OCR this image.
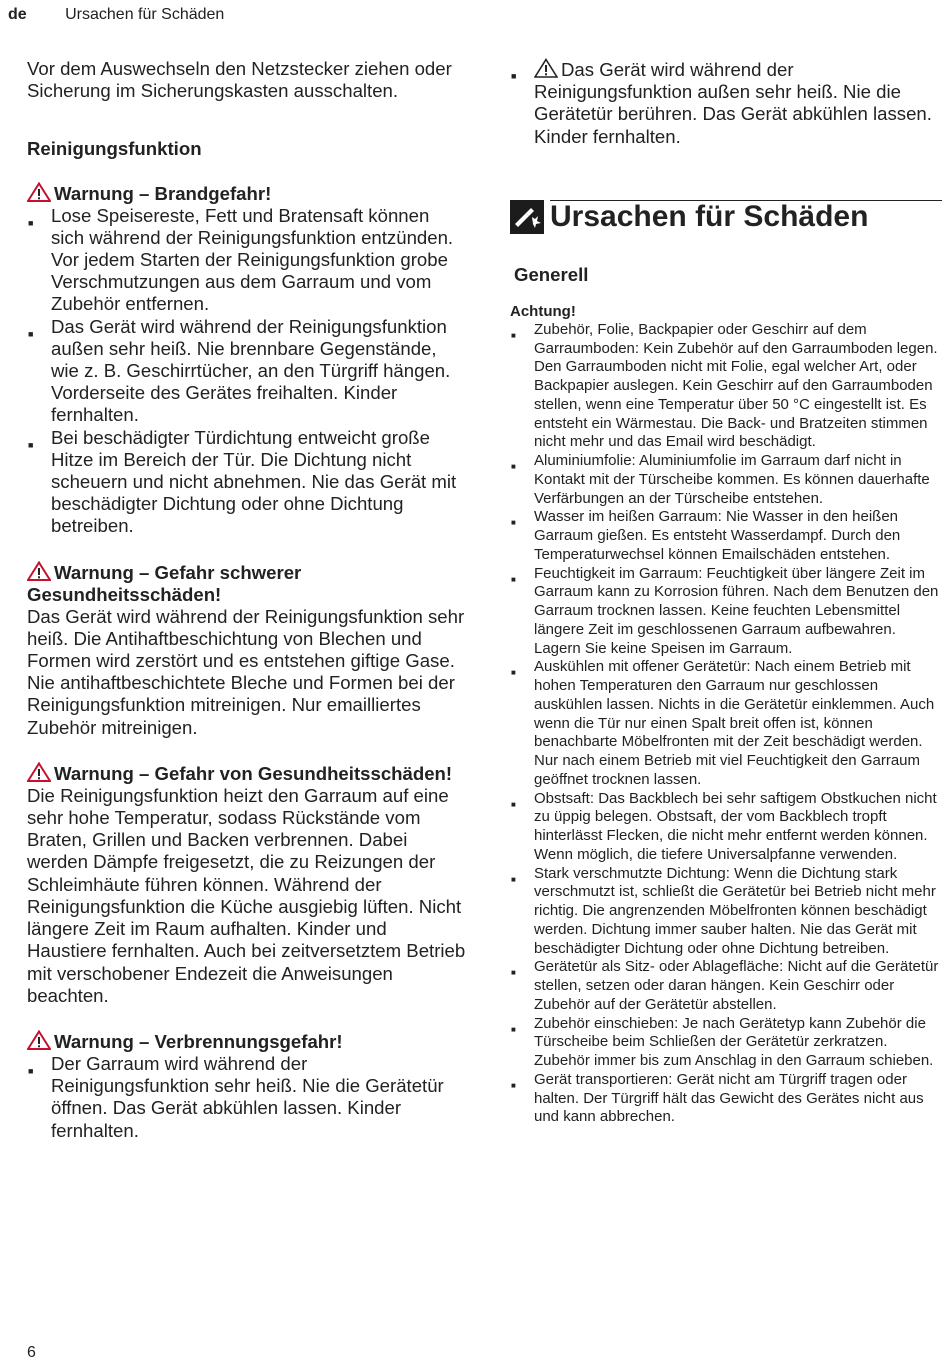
de Ursachen für Schäden

Vor dem Auswechseln den Netzstecker ziehen oder Sicherung im Sicherungskasten ausschalten.

Reinigungsfunktion
Warnung – Brandgefahr!
■ Lose Speisereste, Fett und Bratensaft können sich während der Reinigungsfunktion entzünden. Vor jedem Starten der Reinigungsfunktion grobe Verschmutzungen aus dem Garraum und vom Zubehör entfernen.
■ Das Gerät wird während der Reinigungsfunktion außen sehr heiß. Nie brennbare Gegenstände, wie z. B. Geschirrtücher, an den Türgriff hängen. Vorderseite des Gerätes freihalten. Kinder fernhalten.
■ Bei beschädigter Türdichtung entweicht große Hitze im Bereich der Tür. Die Dichtung nicht scheuern und nicht abnehmen. Nie das Gerät mit beschädigter Dichtung oder ohne Dichtung betreiben.
Warnung – Gefahr schwerer Gesundheitsschäden!

Das Gerät wird während der Reinigungsfunktion sehr heiß. Die Antihaftbeschichtung von Blechen und Formen wird zerstört und es entstehen giftige Gase. Nie antihaftbeschichtete Bleche und Formen bei der Reinigungsfunktion mitreinigen. Nur emailliertes Zubehör mitreinigen.

Warnung – Gefahr von Gesundheitsschäden!

Die Reinigungsfunktion heizt den Garraum auf eine sehr hohe Temperatur, sodass Rückstände vom Braten, Grillen und Backen verbrennen. Dabei werden Dämpfe freigesetzt, die zu Reizungen der Schleimhäute führen können. Während der Reinigungsfunktion die Küche ausgiebig lüften. Nicht längere Zeit im Raum aufhalten. Kinder und Haustiere fernhalten. Auch bei zeitversetztem Betrieb mit verschobener Endezeit die Anweisungen beachten.

Warnung – Verbrennungsgefahr!
■ Der Garraum wird während der Reinigungsfunktion sehr heiß. Nie die Gerätetür öffnen. Das Gerät abkühlen lassen. Kinder fernhalten.
■ Das Gerät wird während der Reinigungsfunktion außen sehr heiß. Nie die Gerätetür berühren. Das Gerät abkühlen lassen. Kinder fernhalten.
Ursachen für Schäden
Generell
Achtung!
■ Zubehör, Folie, Backpapier oder Geschirr auf dem Garraumboden: Kein Zubehör auf den Garraumboden legen. Den Garraumboden nicht mit Folie, egal welcher Art, oder Backpapier auslegen. Kein Geschirr auf den Garraumboden stellen, wenn eine Temperatur über 50 °C eingestellt ist. Es entsteht ein Wärmestau. Die Back- und Bratzeiten stimmen nicht mehr und das Email wird beschädigt.
■ Aluminiumfolie: Aluminiumfolie im Garraum darf nicht in Kontakt mit der Türscheibe kommen. Es können dauerhafte Verfärbungen an der Türscheibe entstehen.
■ Wasser im heißen Garraum: Nie Wasser in den heißen Garraum gießen. Es entsteht Wasserdampf. Durch den Temperaturwechsel können Emailschäden entstehen.
■ Feuchtigkeit im Garraum: Feuchtigkeit über längere Zeit im Garraum kann zu Korrosion führen. Nach dem Benutzen den Garraum trocknen lassen. Keine feuchten Lebensmittel längere Zeit im geschlossenen Garraum aufbewahren. Lagern Sie keine Speisen im Garraum.
■ Auskühlen mit offener Gerätetür: Nach einem Betrieb mit hohen Temperaturen den Garraum nur geschlossen auskühlen lassen. Nichts in die Gerätetür einklemmen. Auch wenn die Tür nur einen Spalt breit offen ist, können benachbarte Möbelfronten mit der Zeit beschädigt werden.
Nur nach einem Betrieb mit viel Feuchtigkeit den Garraum geöffnet trocknen lassen.
■ Obstsaft: Das Backblech bei sehr saftigem Obstkuchen nicht zu üppig belegen. Obstsaft, der vom Backblech tropft hinterlässt Flecken, die nicht mehr entfernt werden können. Wenn möglich, die tiefere Universalpfanne verwenden.
■ Stark verschmutzte Dichtung: Wenn die Dichtung stark verschmutzt ist, schließt die Gerätetür bei Betrieb nicht mehr richtig. Die angrenzenden Möbelfronten können beschädigt werden. Dichtung immer sauber halten. Nie das Gerät mit beschädigter Dichtung oder ohne Dichtung betreiben.
■ Gerätetür als Sitz- oder Ablagefläche: Nicht auf die Gerätetür stellen, setzen oder daran hängen. Kein Geschirr oder Zubehör auf der Gerätetür abstellen.
■ Zubehör einschieben: Je nach Gerätetyp kann Zubehör die Türscheibe beim Schließen der Gerätetür zerkratzen. Zubehör immer bis zum Anschlag in den Garraum schieben.
■ Gerät transportieren: Gerät nicht am Türgriff tragen oder halten. Der Türgriff hält das Gewicht des Gerätes nicht aus und kann abbrechen.
6
